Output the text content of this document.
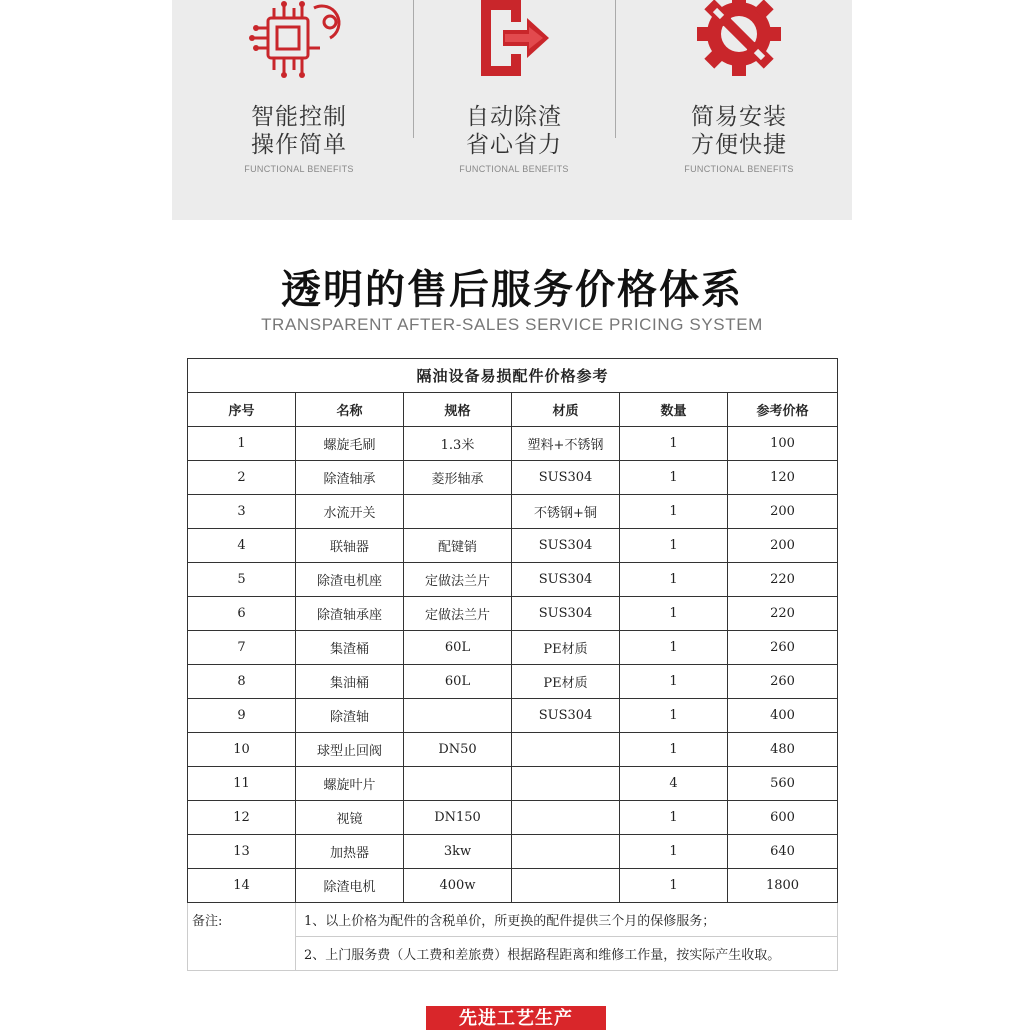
智能控制
操作简单
FUNCTIONAL BENEFITS
自动除渣
省心省力
FUNCTIONAL BENEFITS
简易安装
方便快捷
FUNCTIONAL BENEFITS
透明的售后服务价格体系
TRANSPARENT AFTER-SALES SERVICE PRICING SYSTEM
隔油设备易损配件价格参考					
序号	名称	规格	材质	数量	参考价格
1	螺旋毛刷	1.3米	塑料+不锈钢	1	100
2	除渣轴承	菱形轴承	SUS304	1	120
3	水流开关		不锈钢+铜	1	200
4	联轴器	配键销	SUS304	1	200
5	除渣电机座	定做法兰片	SUS304	1	220
6	除渣轴承座	定做法兰片	SUS304	1	220
7	集渣桶	60L	PE材质	1	260
8	集油桶	60L	PE材质	1	260
9	除渣轴		SUS304	1	400
10	球型止回阀	DN50		1	480
11	螺旋叶片			4	560
12	视镜	DN150		1	600
13	加热器	3kw		1	640
14	除渣电机	400w		1	1800
备注:	1、以上价格为配件的含税单价，所更换的配件提供三个月的保修服务；				
	2、上门服务费（人工费和差旅费）根据路程距离和维修工作量，按实际产生收取。				
先进工艺生产
